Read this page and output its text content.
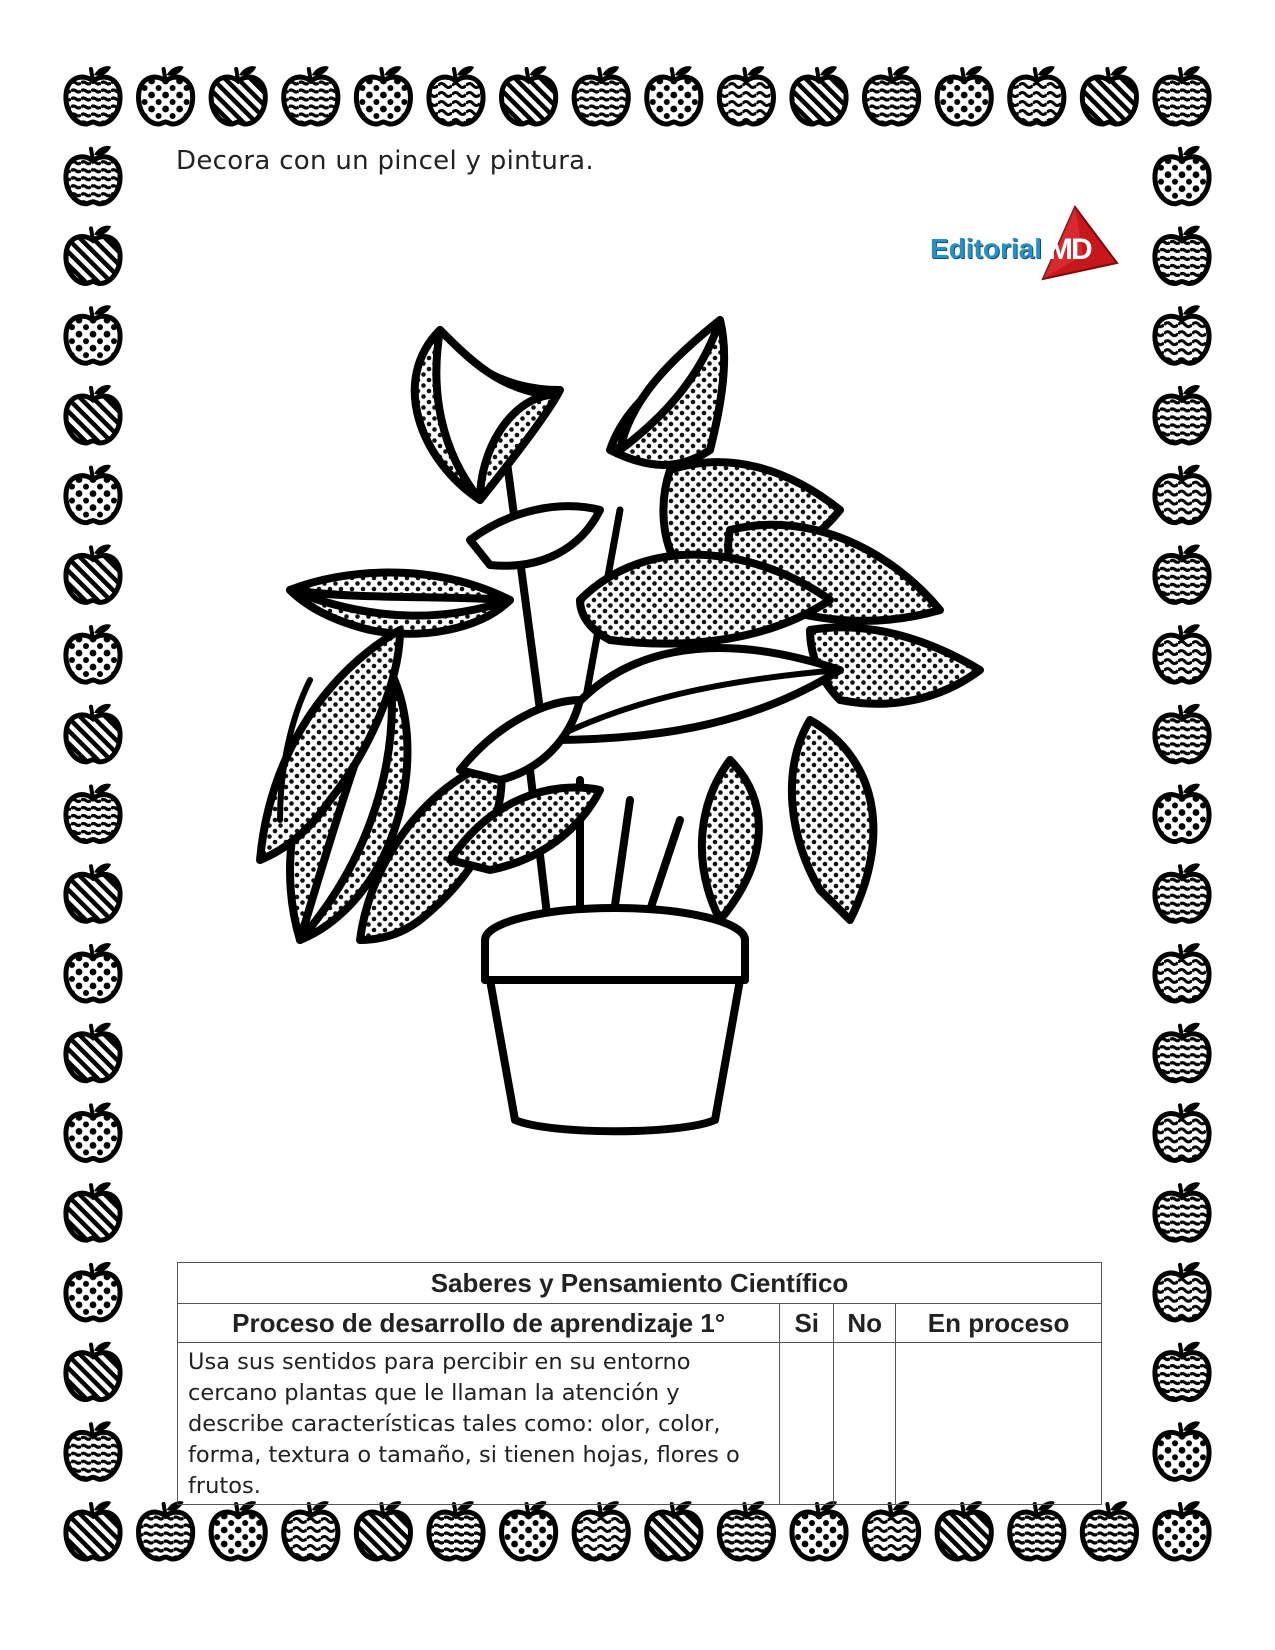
Decora con un pincel y pintura.
Editorial MD
Saberes y Pensamiento Científico			
Proceso de desarrollo de aprendizaje 1°	Si	No	En proceso
Usa sus sentidos para percibir en su entorno cercano plantas que le llaman la atención y describe características tales como: olor, color, forma, textura o tamaño, si tienen hojas, flores o frutos.			
